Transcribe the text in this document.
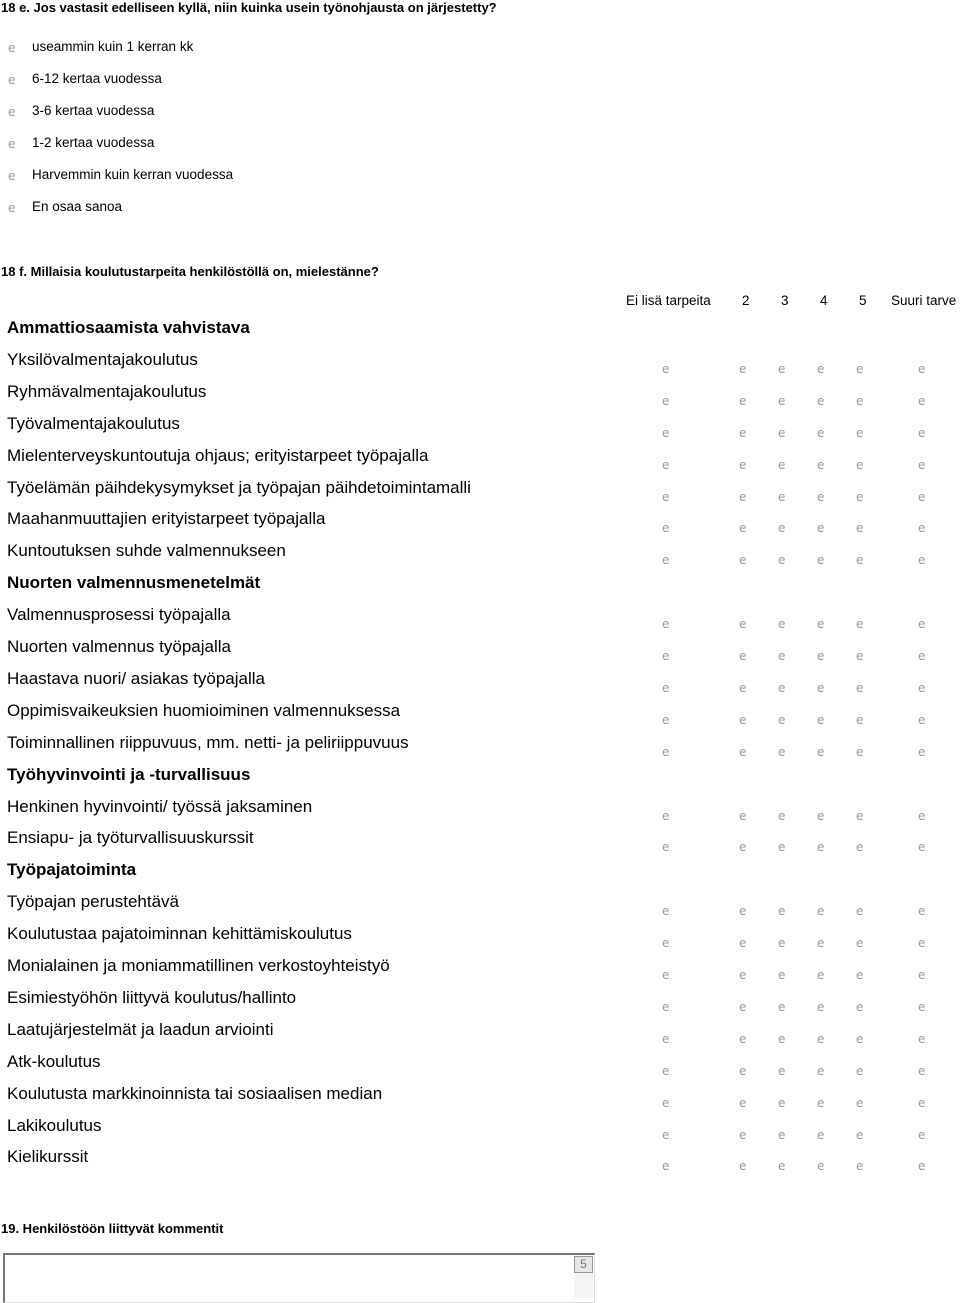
18 e. Jos vastasit edelliseen kyllä, niin kuinka usein työnohjausta on järjestetty?
e useammin kuin 1 kerran kk
e 6-12 kertaa vuodessa
e 3-6 kertaa vuodessa
e 1-2 kertaa vuodessa
e Harvemmin kuin kerran vuodessa
e En osaa sanoa
18 f. Millaisia koulutustarpeita henkilöstöllä on, mielestänne?
Ei lisä tarpeita 2 3 4 5 Suuri tarve
Ammattiosaamista vahvistava
Yksilövalmentajakoulutus	e	e	e	e	e	e
Ryhmävalmentajakoulutus	e	e	e	e	e	e
Työvalmentajakoulutus	e	e	e	e	e	e
Mielenterveyskuntoutuja ohjaus; erityistarpeet työpajalla	e	e	e	e	e	e
Työelämän päihdekysymykset ja työpajan päihdetoimintamalli	e	e	e	e	e	e
Maahanmuuttajien erityistarpeet työpajalla	e	e	e	e	e	e
Kuntoutuksen suhde valmennukseen	e	e	e	e	e	e
Nuorten valmennusmenetelmät
Valmennusprosessi työpajalla	e	e	e	e	e	e
Nuorten valmennus työpajalla	e	e	e	e	e	e
Haastava nuori/ asiakas työpajalla	e	e	e	e	e	e
Oppimisvaikeuksien huomioiminen valmennuksessa	e	e	e	e	e	e
Toiminnallinen riippuvuus, mm. netti- ja peliriippuvuus	e	e	e	e	e	e
Työhyvinvointi ja -turvallisuus
Henkinen hyvinvointi/ työssä jaksaminen	e	e	e	e	e	e
Ensiapu- ja työturvallisuuskurssit	e	e	e	e	e	e
Työpajatoiminta
Työpajan perustehtävä	e	e	e	e	e	e
Koulutustaa pajatoiminnan kehittämiskoulutus	e	e	e	e	e	e
Monialainen ja moniammatillinen verkostoyhteistyö	e	e	e	e	e	e
Esimiestyöhön liittyvä koulutus/hallinto	e	e	e	e	e	e
Laatujärjestelmät ja laadun arviointi	e	e	e	e	e	e
Atk-koulutus	e	e	e	e	e	e
Koulutusta markkinoinnista tai sosiaalisen median	e	e	e	e	e	e
Lakikoulutus	e	e	e	e	e	e
Kielikurssit	e	e	e	e	e	e
19. Henkilöstöön liittyvät kommentit
5
